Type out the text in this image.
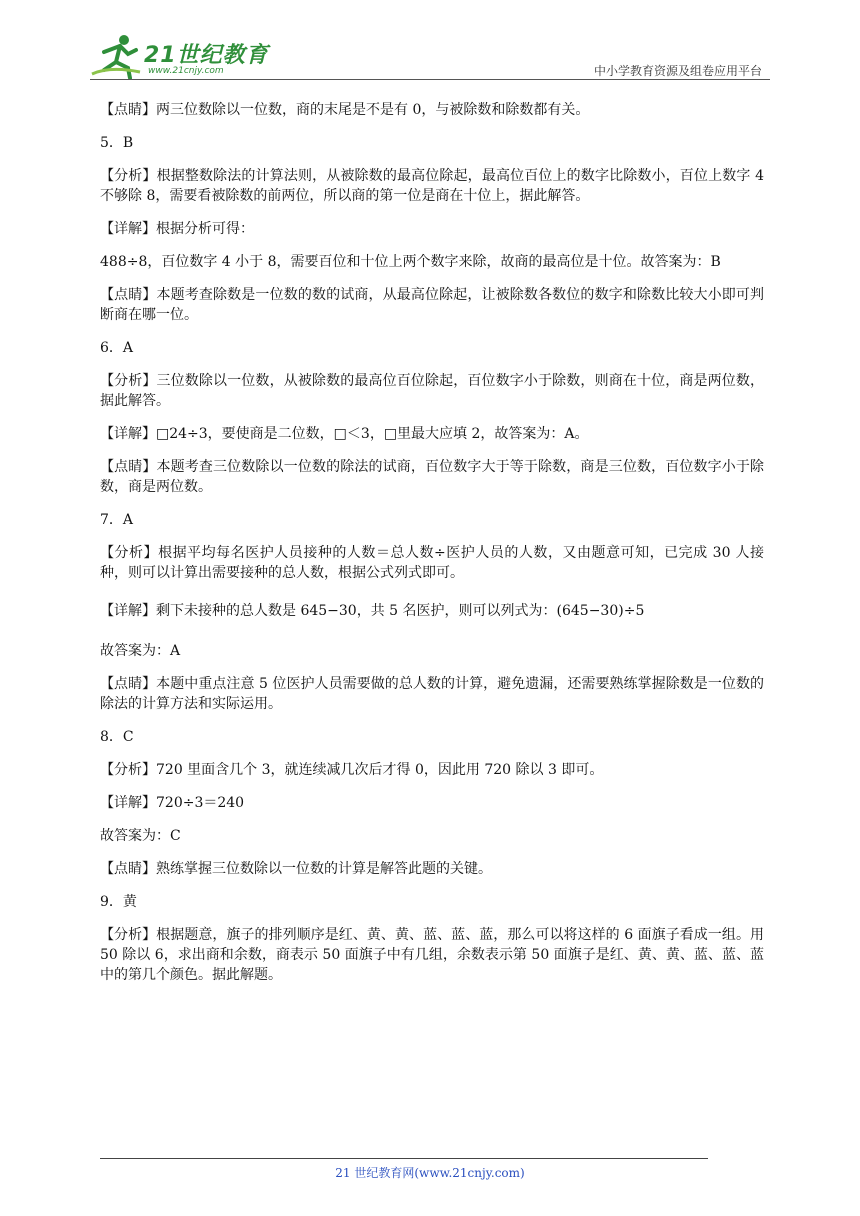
21世纪教育
www.21cnjy.com	中小学教育资源及组卷应用平台

【点睛】两三位数除以一位数，商的末尾是不是有 0，与被除数和除数都有关。

5．B

【分析】根据整数除法的计算法则，从被除数的最高位除起，最高位百位上的数字比除数小，百位上数字 4 不够除 8，需要看被除数的前两位，所以商的第一位是商在十位上，据此解答。

【详解】根据分析可得：

488÷8，百位数字 4 小于 8，需要百位和十位上两个数字来除，故商的最高位是十位。故答案为：B

【点睛】本题考查除数是一位数的数的试商，从最高位除起，让被除数各数位的数字和除数比较大小即可判断商在哪一位。

6．A

【分析】三位数除以一位数，从被除数的最高位百位除起，百位数字小于除数，则商在十位，商是两位数，据此解答。

【详解】□24÷3，要使商是二位数，□＜3，□里最大应填 2，故答案为：A。

【点睛】本题考查三位数除以一位数的除法的试商，百位数字大于等于除数，商是三位数，百位数字小于除数，商是两位数。

7．A

【分析】根据平均每名医护人员接种的人数＝总人数÷医护人员的人数，又由题意可知，已完成 30 人接种，则可以计算出需要接种的总人数，根据公式列式即可。

【详解】剩下未接种的总人数是 645−30，共 5 名医护，则可以列式为：(645−30)÷5

故答案为：A

【点睛】本题中重点注意 5 位医护人员需要做的总人数的计算，避免遗漏，还需要熟练掌握除数是一位数的除法的计算方法和实际运用。

8．C

【分析】720 里面含几个 3，就连续减几次后才得 0，因此用 720 除以 3 即可。

【详解】720÷3＝240

故答案为：C

【点睛】熟练掌握三位数除以一位数的计算是解答此题的关键。

9．黄

【分析】根据题意，旗子的排列顺序是红、黄、黄、蓝、蓝、蓝，那么可以将这样的 6 面旗子看成一组。用 50 除以 6，求出商和余数，商表示 50 面旗子中有几组，余数表示第 50 面旗子是红、黄、黄、蓝、蓝、蓝中的第几个颜色。据此解题。

21 世纪教育网(www.21cnjy.com)
